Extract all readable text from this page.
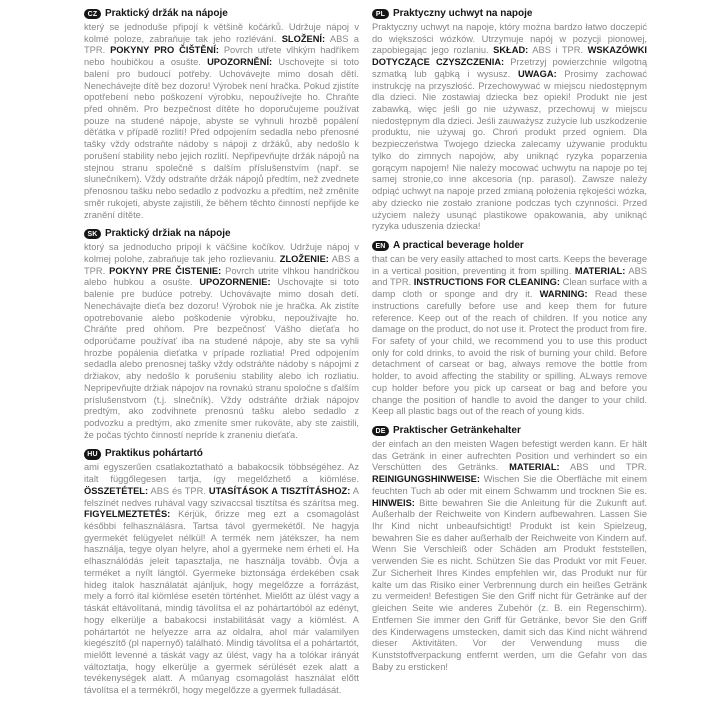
CZ Praktický držák na nápoje

který se jednoduše připojí k většině kočárků. Udržuje nápoj v kolmé poloze, zabraňuje tak jeho rozlévání. SLOŽENÍ: ABS a TPR. POKYNY PRO ČIŠTĚNÍ: Povrch utřete vlhkým hadříkem nebo houbičkou a osušte. UPOZORNĚNÍ: Uschovejte si toto balení pro budoucí potřeby. Uchovávejte mimo dosah dětí. Nenechávejte dítě bez dozoru! Výrobek není hračka. Pokud zjistíte opotřebení nebo poškození výrobku, nepoužívejte ho. Chraňte před ohněm. Pro bezpečnost dítěte ho doporučujeme používat pouze na studené nápoje, abyste se vyhnuli hrozbě popálení děťátka v případě rozlití! Před odpojením sedadla nebo přenosné tašky vždy odstraňte nádoby s nápoji z držáků, aby nedošlo k porušení stability nebo jejich rozlití. Nepřipevňujte držák nápojů na stejnou stranu společně s dalším příslušenstvím (např. se slunečníkem). Vždy odstraňte držák nápojů předtím, než zvednete přenosnou tašku nebo sedadlo z podvozku a předtím, než změníte směr rukojeti, abyste zajistili, že během těchto činností nepřijde ke zranění dítěte.

SK Praktický držiak na nápoje

ktorý sa jednoducho pripojí k väčšine kočíkov. Udržuje nápoj v kolmej polohe, zabraňuje tak jeho rozlievaniu. ZLOŽENIE: ABS a TPR. POKYNY PRE ČISTENIE: Povrch utrite vlhkou handričkou alebo hubkou a osušte. UPOZORNENIE: Uschovajte si toto balenie pre budúce potreby. Uchovávajte mimo dosah detí. Nenechávajte dieťa bez dozoru! Výrobok nie je hračka. Ak zistíte opotrebovanie alebo poškodenie výrobku, nepoužívajte ho. Chráňte pred ohňom. Pre bezpečnosť Vášho dieťaťa ho odporúčame používať iba na studené nápoje, aby ste sa vyhli hrozbe popálenia dieťatka v prípade rozliatia! Pred odpojením sedadla alebo prenosnej tašky vždy odstráňte nádoby s nápojmi z držiakov, aby nedošlo k porušeniu stability alebo ich rozliatiu. Nepripevňujte držiak nápojov na rovnakú stranu spoločne s ďalším príslušenstvom (t.j. slnečník). Vždy odstráňte držiak nápojov predtým, ako zodvihnete prenosnú tašku alebo sedadlo z podvozku a predtým, ako zmeníte smer rukoväte, aby ste zaistili, že počas týchto činností nepríde k zraneniu dieťaťa.

HU Praktikus pohártartó

ami egyszerűen csatlakoztatható a babakocsik többségéhez. Az italt függőlegesen tartja, így megelőzhető a kiömlése. ÖSSZETÉTEL: ABS és TPR. UTASÍTÁSOK A TISZTÍTÁSHOZ: A felszínét nedves ruhával vagy szivaccsal tisztítsa és szárítsa meg. FIGYELMEZTETÉS: Kérjük, őrizze meg ezt a csomagolást későbbi felhasználásra. Tartsa távol gyermekétől. Ne hagyja gyermekét felügyelet nélkül! A termék nem játékszer, ha nem használja, tegye olyan helyre, ahol a gyermeke nem érheti el. Ha elhasználódás jeleit tapasztalja, ne használja tovább. Óvja a terméket a nyílt lángtól. Gyermeke biztonsága érdekében csak hideg italok használatát ajánljuk, hogy megelőzze a forrázást, mely a forró ital kiömlése esetén történhet. Mielőtt az ülést vagy a táskát eltávolítaná, mindig távolítsa el az pohártartóból az edényt, hogy elkerülje a babakocsi instabilitását vagy a kiömlést. A pohártartót ne helyezze arra az oldalra, ahol már valamilyen kiegészítő (pl napernyő) található. Mindig távolítsa el a pohártartót, mielőtt levenné a táskát vagy az ülést, vagy ha a tolókar irányát változtatja, hogy elkerülje a gyermek sérülését ezek alatt a tevékenységek alatt. A műanyag csomagolást használat előtt távolítsa el a termékről, hogy megelőzze a gyermek fulladását.

PL Praktyczny uchwyt na napoje

Praktyczny uchwyt na napoje, który można bardzo łatwo doczepić do większości wózków. Utrzymuje napój w pozycji pionowej, zapobiegając jego rozlaniu. SKŁAD: ABS i TPR. WSKAZÓWKI DOTYCZĄCE CZYSZCZENIA: Przetrzyj powierzchnie wilgotną szmatką lub gąbką i wysusz. UWAGA: Prosimy zachować instrukcję na przyszłość. Przechowywać w miejscu niedostępnym dla dzieci. Nie zostawiaj dziecka bez opieki! Produkt nie jest zabawką, więc jeśli go nie używasz, przechowuj w miejscu niedostępnym dla dzieci. Jeśli zauważysz zużycie lub uszkodzenie produktu, nie używaj go. Chroń produkt przed ogniem. Dla bezpieczeństwa Twojego dziecka zalecamy używanie produktu tylko do zimnych napojów, aby uniknąć ryzyka poparzenia gorącym napojem! Nie należy mocować uchwytu na napoje po tej samej stronie,co inne akcesoria (np. parasol). Zawsze należy odpiąć uchwyt na napoje przed zmianą położenia rękojeści wózka, aby dziecko nie zostało zranione podczas tych czynności. Przed użyciem należy usunąć plastikowe opakowania, aby uniknąć ryzyka uduszenia dziecka!

EN A practical beverage holder

that can be very easily attached to most carts. Keeps the beverage in a vertical position, preventing it from spilling. MATERIAL: ABS and TPR. INSTRUCTIONS FOR CLEANING: Clean surface with a damp cloth or sponge and dry it. WARNING: Read these instructions carefully before use and keep them for future reference. Keep out of the reach of children. If you notice any damage on the product, do not use it. Protect the product from fire. For safety of your child, we recommend you to use this product only for cold drinks, to avoid the risk of burning your child. Before detachment of carseat or bag, always remove the bottle from holder, to avoid affecting the stability or spilling. ALways remove cup holder before you pick up carseat or bag and before you change the position of handle to avoid the danger to your child. Keep all plastic bags out of the reach of young kids.

DE Praktischer Getränkehalter

der einfach an den meisten Wagen befestigt werden kann. Er hält das Getränk in einer aufrechten Position und verhindert so ein Verschütten des Getränks. MATERIAL: ABS und TPR. REINIGUNGSHINWEISE: Wischen Sie die Oberfläche mit einem feuchten Tuch ab oder mit einem Schwamm und trocknen Sie es. HINWEIS: Bitte bewahren Sie die Anleitung für die Zukunft auf. Außerhalb der Reichweite von Kindern aufbewahren. Lassen Sie Ihr Kind nicht unbeaufsichtigt! Produkt ist kein Spielzeug, bewahren Sie es daher außerhalb der Reichweite von Kindern auf. Wenn Sie Verschleiß oder Schäden am Produkt feststellen, verwenden Sie es nicht. Schützen Sie das Produkt vor mit Feuer. Zur Sicherheit Ihres Kindes empfehlen wir, das Produkt nur für kalte um das Risiko einer Verbrennung durch ein heißes Getränk zu vermeiden! Befestigen Sie den Griff nicht für Getränke auf der gleichen Seite wie anderes Zubehör (z. B. ein Regenschirm). Entfernen Sie immer den Griff für Getränke, bevor Sie den Griff des Kinderwagens umstecken, damit sich das Kind nicht während dieser Aktivitäten. Vor der Verwendung muss die Kunststoffverpackung entfernt werden, um die Gefahr von das Baby zu ersticken!
